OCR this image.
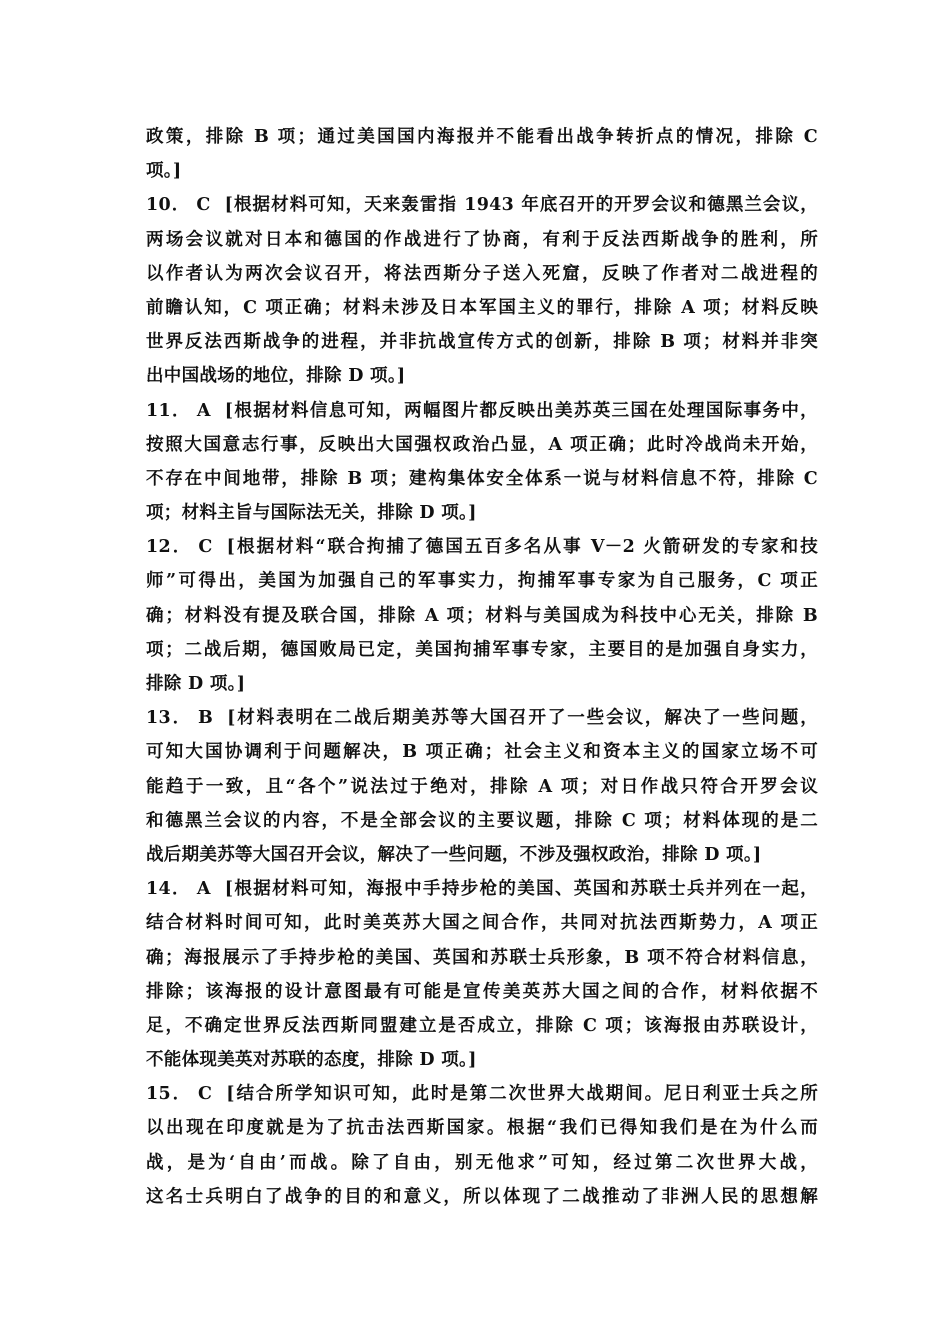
政策，排除 B 项；通过美国国内海报并不能看出战争转折点的情况，排除 C
项。]
10． C [根据材料可知，天来轰雷指 1943 年底召开的开罗会议和德黑兰会议，
两场会议就对日本和德国的作战进行了协商，有利于反法西斯战争的胜利，所
以作者认为两次会议召开，将法西斯分子送入死窟，反映了作者对二战进程的
前瞻认知，C 项正确；材料未涉及日本军国主义的罪行，排除 A 项；材料反映
世界反法西斯战争的进程，并非抗战宣传方式的创新，排除 B 项；材料并非突
出中国战场的地位，排除 D 项。]
11． A [根据材料信息可知，两幅图片都反映出美苏英三国在处理国际事务中，
按照大国意志行事，反映出大国强权政治凸显，A 项正确；此时冷战尚未开始，
不存在中间地带，排除 B 项；建构集体安全体系一说与材料信息不符，排除 C
项；材料主旨与国际法无关，排除 D 项。]
12． C [根据材料“联合拘捕了德国五百多名从事 V－2 火箭研发的专家和技
师”可得出，美国为加强自己的军事实力，拘捕军事专家为自己服务，C 项正
确；材料没有提及联合国，排除 A 项；材料与美国成为科技中心无关，排除 B
项；二战后期，德国败局已定，美国拘捕军事专家，主要目的是加强自身实力，
排除 D 项。]
13． B [材料表明在二战后期美苏等大国召开了一些会议，解决了一些问题，
可知大国协调利于问题解决，B 项正确；社会主义和资本主义的国家立场不可
能趋于一致，且“各个”说法过于绝对，排除 A 项；对日作战只符合开罗会议
和德黑兰会议的内容，不是全部会议的主要议题，排除 C 项；材料体现的是二
战后期美苏等大国召开会议，解决了一些问题，不涉及强权政治，排除 D 项。]
14． A [根据材料可知，海报中手持步枪的美国、英国和苏联士兵并列在一起，
结合材料时间可知，此时美英苏大国之间合作，共同对抗法西斯势力，A 项正
确；海报展示了手持步枪的美国、英国和苏联士兵形象，B 项不符合材料信息，
排除；该海报的设计意图最有可能是宣传美英苏大国之间的合作，材料依据不
足，不确定世界反法西斯同盟建立是否成立，排除 C 项；该海报由苏联设计，
不能体现美英对苏联的态度，排除 D 项。]
15． C [结合所学知识可知，此时是第二次世界大战期间。尼日利亚士兵之所
以出现在印度就是为了抗击法西斯国家。根据“我们已得知我们是在为什么而
战，是为‘自由’而战。除了自由，别无他求”可知，经过第二次世界大战，
这名士兵明白了战争的目的和意义，所以体现了二战推动了非洲人民的思想解
